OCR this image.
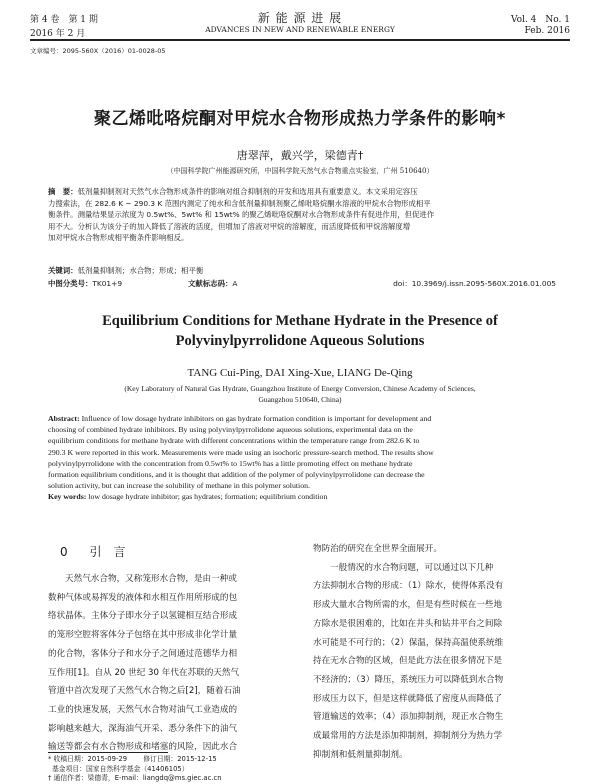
第 4 卷　第 1 期
2016 年 2 月
新 能 源 进 展
ADVANCES IN NEW AND RENEWABLE ENERGY
Vol. 4　No. 1
Feb. 2016
文章编号：2095-560X（2016）01-0028-05
聚乙烯吡咯烷酮对甲烷水合物形成热力学条件的影响*
唐翠萍，戴兴学，梁德青†
（中国科学院广州能源研究所，中国科学院天然气水合物重点实验室，广州 510640）
摘　要：低剂量抑制剂对天然气水合物形成条件的影响对组合抑制剂的开发和选用具有重要意义。本文采用定容压
力搜索法，在 282.6 K ~ 290.3 K 范围内测定了纯水和含低剂量抑制剂聚乙烯吡咯烷酮水溶液的甲烷水合物形成相平
衡条件。测量结果显示浓度为 0.5wt%、5wt% 和 15wt% 的聚乙烯吡咯烷酮对水合物形成条件有促进作用，但促进作
用不大。分析认为该分子的加入降低了溶液的活度，但增加了溶液对甲烷的溶解度，而活度降低和甲烷溶解度增
加对甲烷水合物形成相平衡条件影响相反。
关键词：低剂量抑制剂；水合物；形成；相平衡
中图分类号：TK01+9	文献标志码：A	doi：10.3969/j.issn.2095-560X.2016.01.005
Equilibrium Conditions for Methane Hydrate in the Presence of
Polyvinylpyrrolidone Aqueous Solutions
TANG Cui-Ping, DAI Xing-Xue, LIANG De-Qing
(Key Laboratory of Natural Gas Hydrate, Guangzhou Institute of Energy Conversion, Chinese Academy of Sciences,
Guangzhou 510640, China)
Abstract: Influence of low dosage hydrate inhibitors on gas hydrate formation condition is important for development and
choosing of combined hydrate inhibitors. By using polyvinylpyrrolidone aqueous solutions, experimental data on the
equilibrium conditions for methane hydrate with different concentrations within the temperature range from 282.6 K to
290.3 K were reported in this work. Measurements were made using an isochoric pressure-search method. The results show
polyvinylpyrrolidone with the concentration from 0.5wt% to 15wt% has a little promoting effect on methane hydrate
formation equilibrium conditions, and it is thought that addition of the polymer of polyvinylpyrrolidone can decrease the
solution activity, but can increase the solubility of methane in this polymer solution.
Key words: low dosage hydrate inhibitor; gas hydrates; formation; equilibrium condition
0 引　言
天然气水合物，又称笼形水合物，是由一种或
数种气体或易挥发的液体和水相互作用所形成的包
络状晶体。主体分子即水分子以氢键相互结合形成
的笼形空腔将客体分子包络在其中形成非化学计量
的化合物，客体分子和水分子之间通过范德华力相
互作用[1]。自从 20 世纪 30 年代在苏联的天然气
管道中首次发现了天然气水合物之后[2]，随着石油
工业的快速发展，天然气水合物对油气工业造成的
影响越来越大，深海油气开采、悉分条件下的油气
输送等都会有水合物形成和堵塞的风险，因此水合
物防治的研究在全世界全面展开。
一般情况的水合物问题，可以通过以下几种
方法抑制水合物的形成：（1）除水，使得体系没有
形成大量水合物所需的水，但是有些时候在一些地
方除水是很困难的，比如在井头和钻井平台之间除
水可能是不可行的；（2）保温，保持高温使系统维
持在无水合物的区域，但是此方法在很多情况下是
不经济的；（3）降压，系统压力可以降低到水合物
形成压力以下，但是这样就降低了密度从而降低了
管道输送的效率；（4）添加抑制剂，现正水合物生
成最常用的方法是添加抑制剂，抑制剂分为热力学
抑制剂和低剂量抑制剂。
* 收稿日期：2015-09-29 修订日期：2015-12-15
基金项目：国家自然科学基金（41406105）
† 通信作者：梁德青，E-mail：liangdq@ms.giec.ac.cn
